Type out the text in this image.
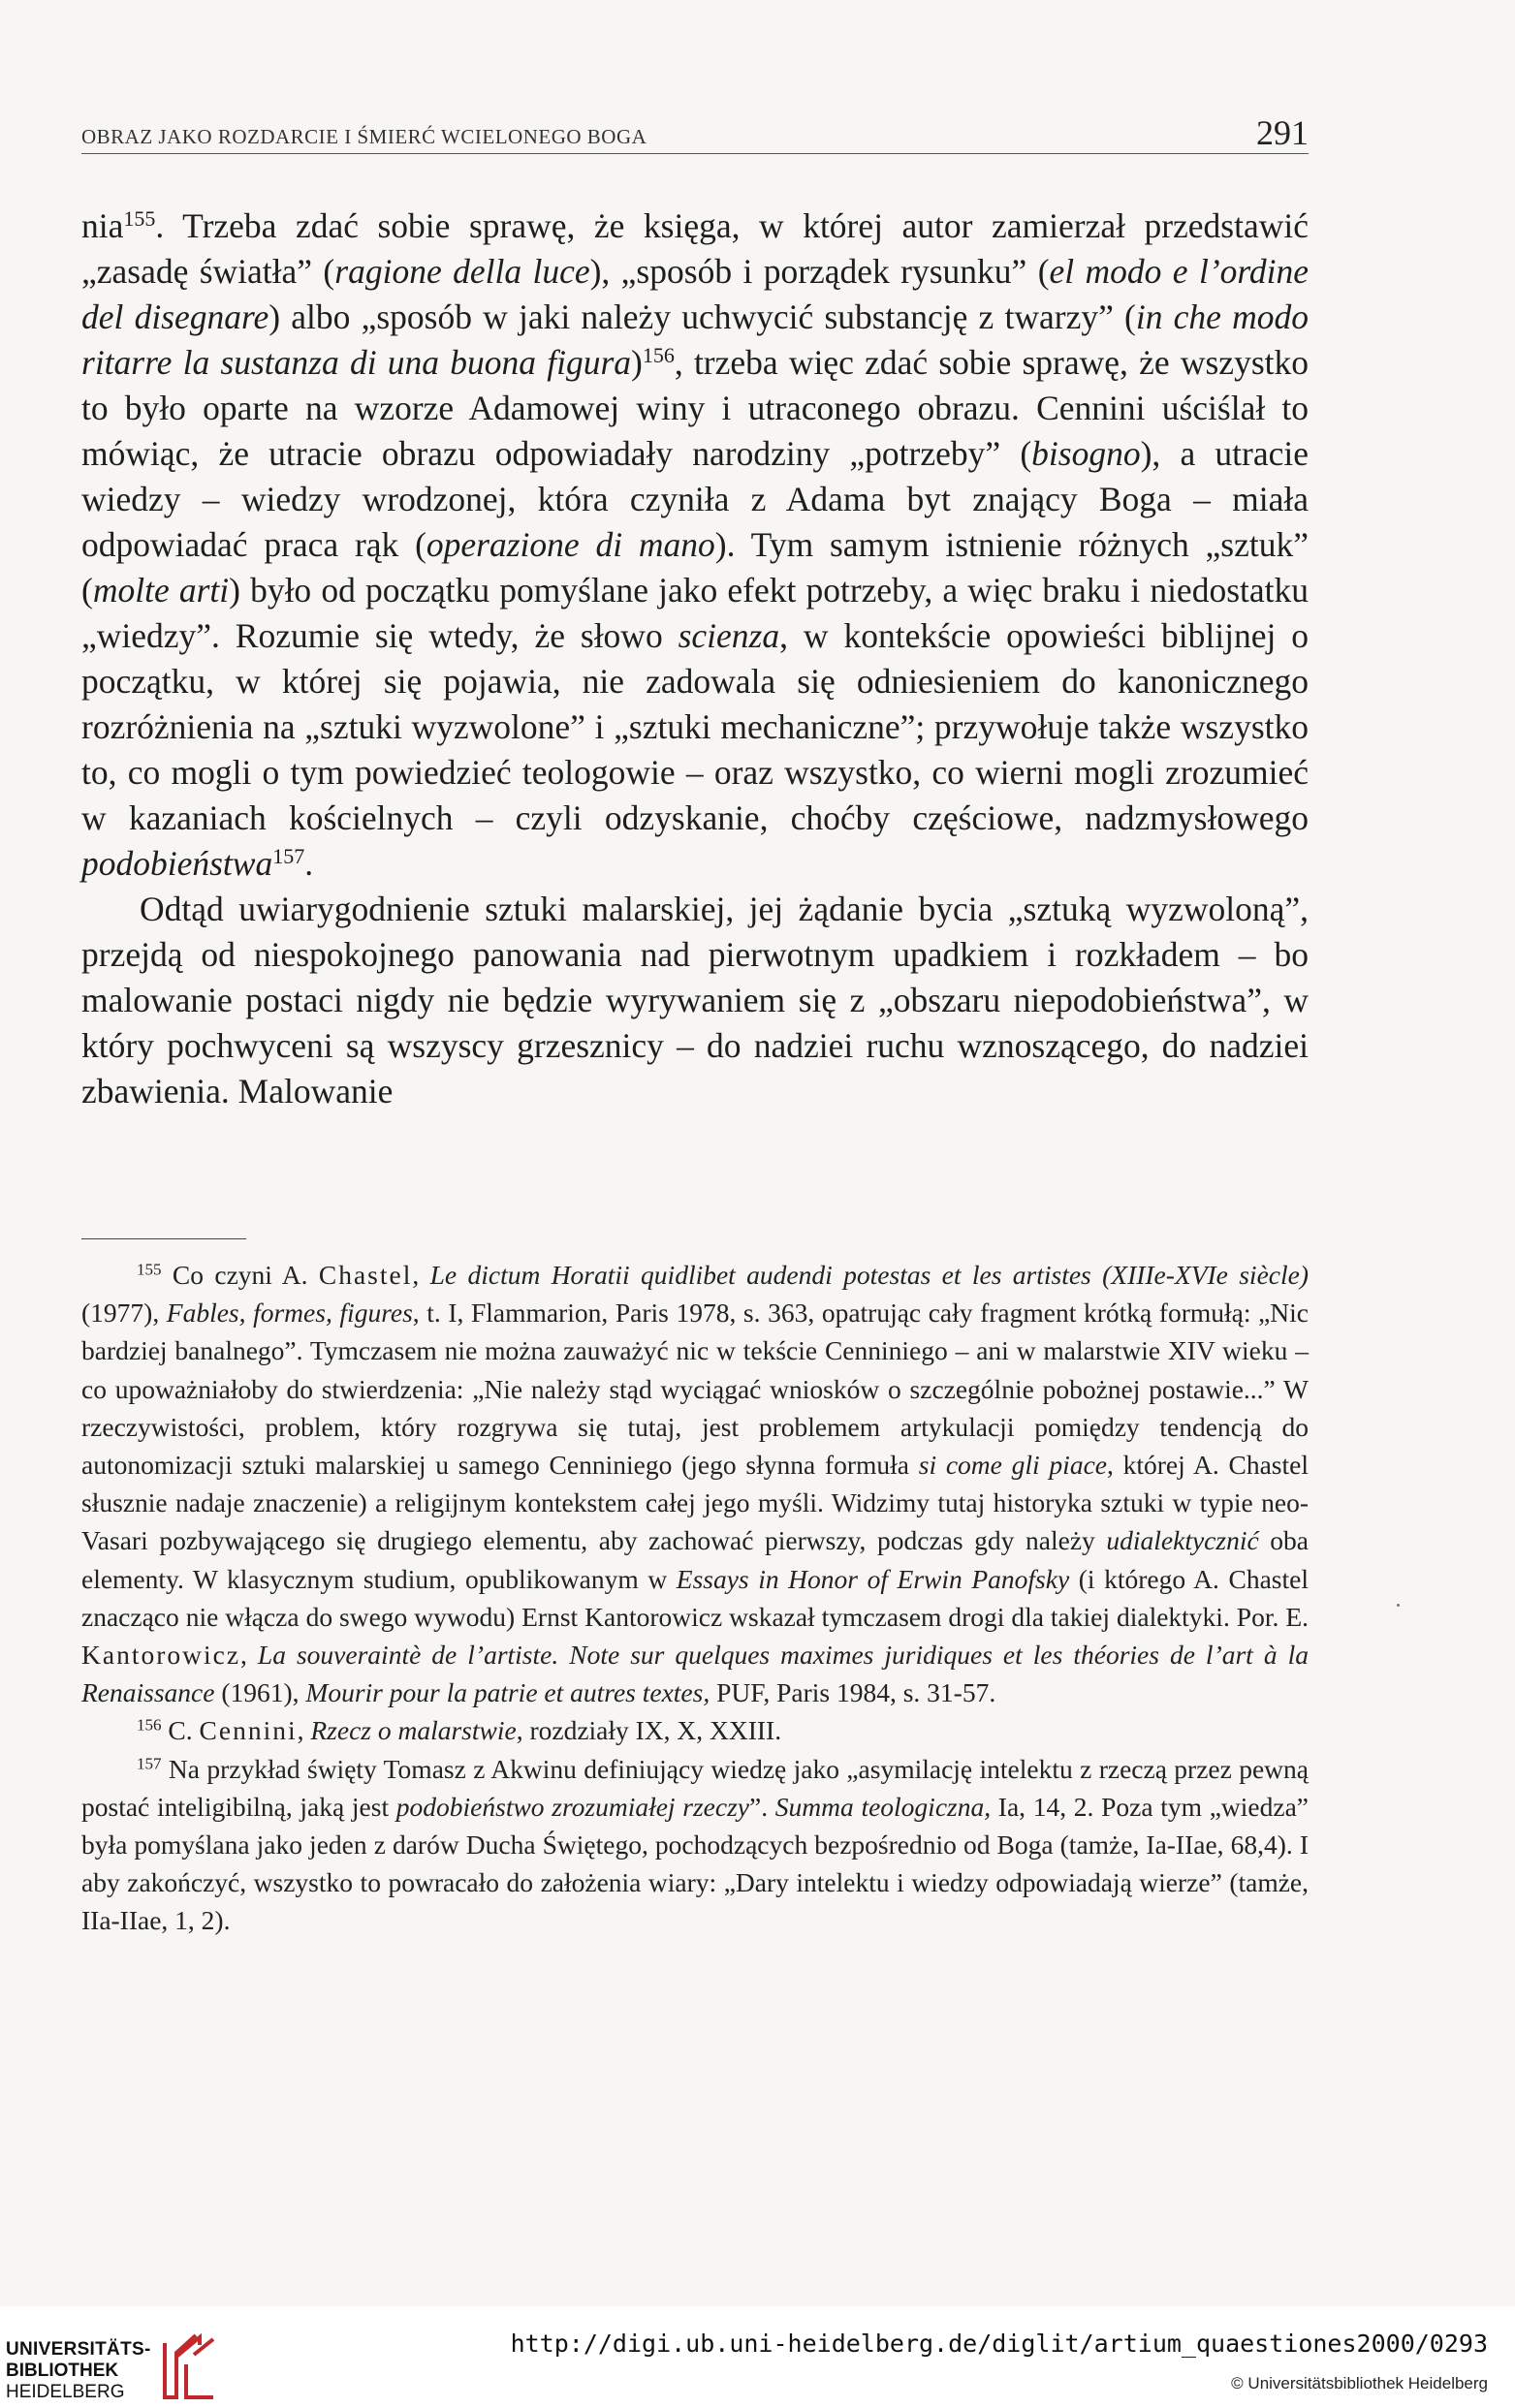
OBRAZ JAKO ROZDARCIE I ŚMIERĆ WCIELONEGO BOGA	291

nia$^{155}$. Trzeba zdać sobie sprawę, że księga, w której autor zamierzał przedstawić „zasadę światła” (ragione della luce), „sposób i porządek rysunku” (el modo e l’ordine del disegnare) albo „sposób w jaki należy uchwycić substancję z twarzy” (in che modo ritarre la sustanza di una buona figura)$^{156}$, trzeba więc zdać sobie sprawę, że wszystko to było oparte na wzorze Adamowej winy i utraconego obrazu. Cennini uściślał to mówiąc, że utracie obrazu odpowiadały narodziny „potrzeby” (bisogno), a utracie wiedzy – wiedzy wrodzonej, która czyniła z Adama byt znający Boga – miała odpowiadać praca rąk (operazione di mano). Tym samym istnienie różnych „sztuk” (molte arti) było od początku pomyślane jako efekt potrzeby, a więc braku i niedostatku „wiedzy”. Rozumie się wtedy, że słowo scienza, w kontekście opowieści biblijnej o początku, w której się pojawia, nie zadowala się odniesieniem do kanonicznego rozróżnienia na „sztuki wyzwolone” i „sztuki mechaniczne”; przywołuje także wszystko to, co mogli o tym powiedzieć teologowie – oraz wszystko, co wierni mogli zrozumieć w kazaniach kościelnych – czyli odzyskanie, choćby częściowe, nadzmysłowego podobieństwa$^{157}$.

Odtąd uwiarygodnienie sztuki malarskiej, jej żądanie bycia „sztuką wyzwoloną”, przejdą od niespokojnego panowania nad pierwotnym upadkiem i rozkładem – bo malowanie postaci nigdy nie będzie wyrywaniem się z „obszaru niepodobieństwa”, w który pochwyceni są wszyscy grzesznicy – do nadziei ruchu wznoszącego, do nadziei zbawienia. Malowanie

$^{155}$ Co czyni A. Chastel, Le dictum Horatii quidlibet audendi potestas et les artistes (XIIIe-XVIe siècle) (1977), Fables, formes, figures, t. I, Flammarion, Paris 1978, s. 363, opatrując cały fragment krótką formułą: „Nic bardziej banalnego”. Tymczasem nie można zauważyć nic w tekście Cenniniego – ani w malarstwie XIV wieku – co upoważniałoby do stwierdzenia: „Nie należy stąd wyciągać wniosków o szczególnie pobożnej postawie...” W rzeczywistości, problem, który rozgrywa się tutaj, jest problemem artykulacji pomiędzy tendencją do autonomizacji sztuki malarskiej u samego Cenniniego (jego słynna formuła si come gli piace, której A. Chastel słusznie nadaje znaczenie) a religijnym kontekstem całej jego myśli. Widzimy tutaj historyka sztuki w typie neo-Vasari pozbywającego się drugiego elementu, aby zachować pierwszy, podczas gdy należy udialektycznić oba elementy. W klasycznym studium, opublikowanym w Essays in Honor of Erwin Panofsky (i którego A. Chastel znacząco nie włącza do swego wywodu) Ernst Kantorowicz wskazał tymczasem drogi dla takiej dialektyki. Por. E. Kantorowicz, La souveraintè de l’artiste. Note sur quelques maximes juridiques et les théories de l’art à la Renaissance (1961), Mourir pour la patrie et autres textes, PUF, Paris 1984, s. 31-57.

$^{156}$ C. Cennini, Rzecz o malarstwie, rozdziały IX, X, XXIII.

$^{157}$ Na przykład święty Tomasz z Akwinu definiujący wiedzę jako „asymilację intelektu z rzeczą przez pewną postać inteligibilną, jaką jest podobieństwo zrozumiałej rzeczy”. Summa teologiczna, Ia, 14, 2. Poza tym „wiedza” była pomyślana jako jeden z darów Ducha Świętego, pochodzących bezpośrednio od Boga (tamże, Ia-IIae, 68,4). I aby zakończyć, wszystko to powracało do założenia wiary: „Dary intelektu i wiedzy odpowiadają wierze” (tamże, IIa-IIae, 1, 2).

UNIVERSITÄTS-
BIBLIOTHEK
HEIDELBERG
http://digi.ub.uni-heidelberg.de/diglit/artium_quaestiones2000/0293
© Universitätsbibliothek Heidelberg
